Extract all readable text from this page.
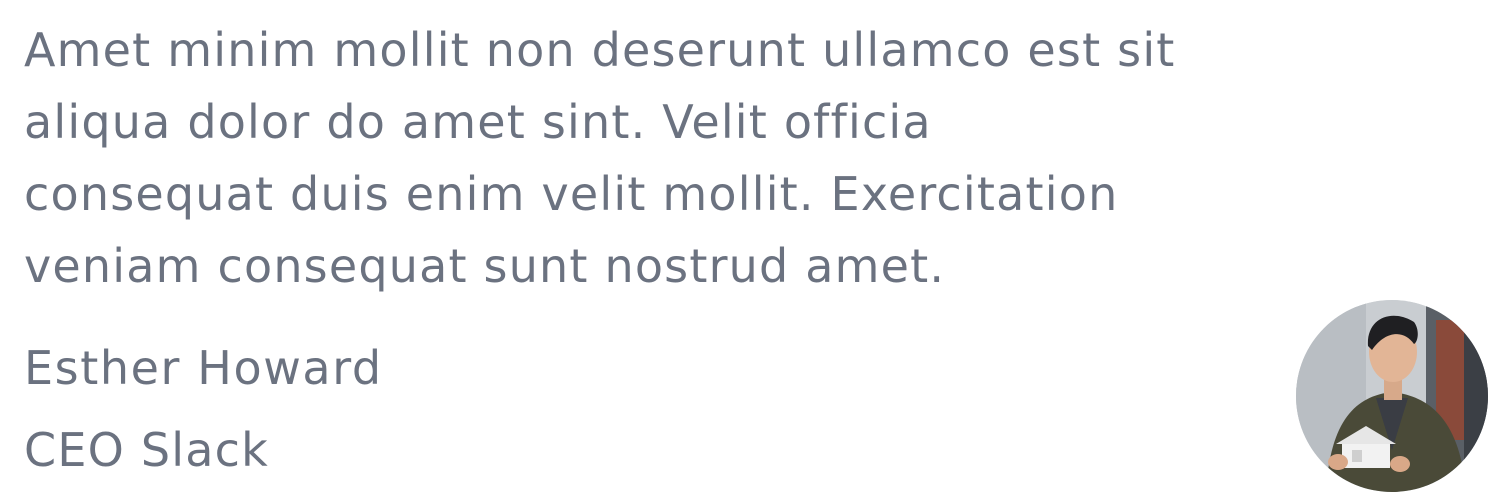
Amet minim mollit non deserunt ullamco est sit
aliqua dolor do amet sint. Velit officia
consequat duis enim velit mollit. Exercitation
veniam consequat sunt nostrud amet.

Esther Howard

CEO Slack
